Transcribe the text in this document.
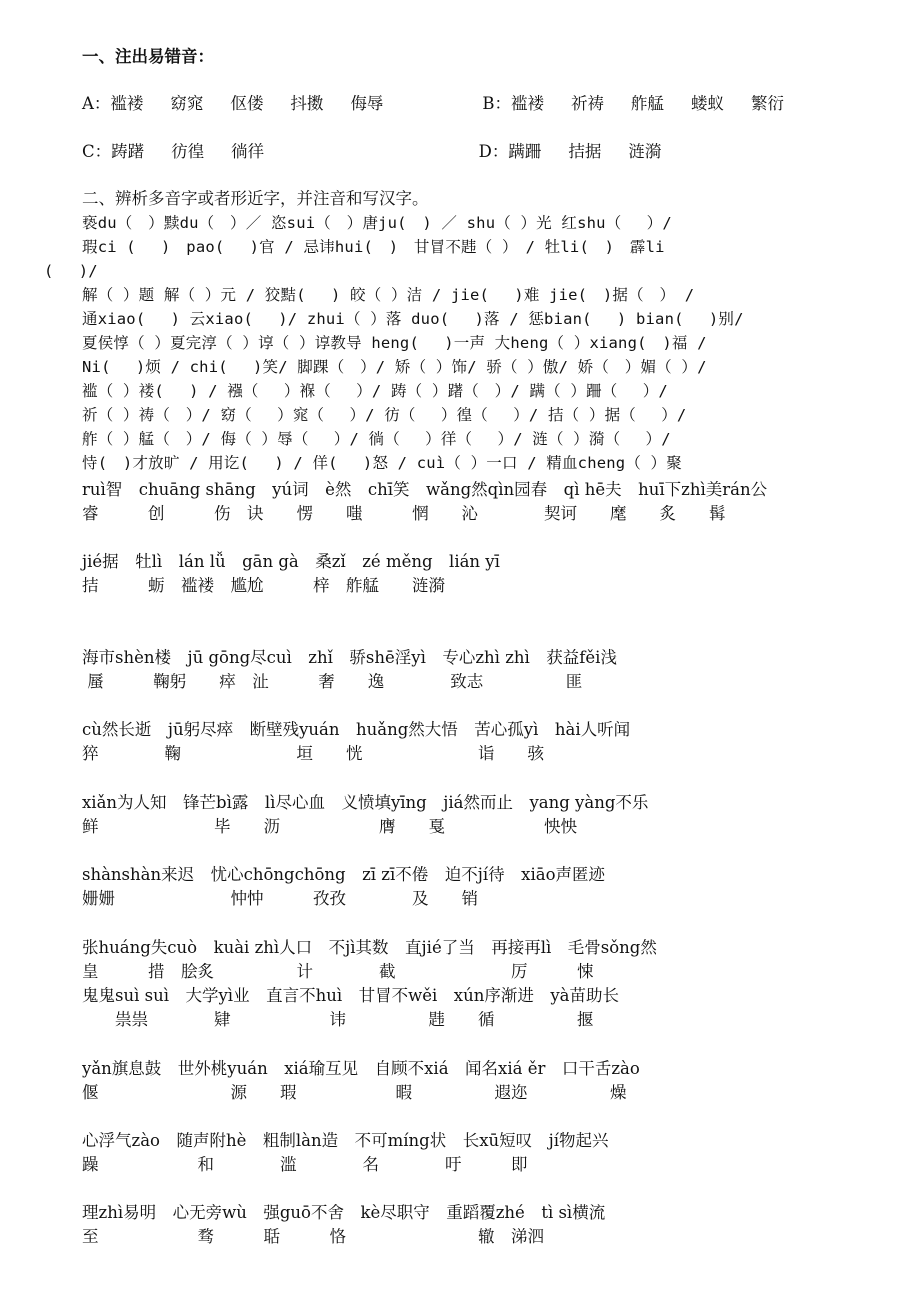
一、注出易错音：
A：褴褛　  窈窕　  伛偻　  抖擞　  侮辱　　　　　　B：褴褛　  祈祷　  舴艋　  蝼蚁　  繁衍
C：踌躇　  彷徨　  徜徉　　　　　　　　　　　　　D：蹒跚　  拮据　  涟漪
二、辨析多音字或者形近字，并注音和写汉字。
亵du（　）黩du（　）／ 恣sui（　）唐ju(　) ／ shu（ ）光 红shu（　 ）/
瑕ci (　 )　pao(　 )官 / 忌讳hui(　)　甘冒不韪（ ）　/ 牡li(　)　霹li
(　 )/
解（ ）题 解（ ）元 / 狡黠(　 ) 皎（ ）洁 / jie(　 )难 jie(　)据（　） /
通xiao(　 ) 云xiao(　 )/ zhui（ ）落 duo(　 )落 / 惩bian(　 ) bian(　 )别/
夏侯惇（ ）夏完淳（ ）谆（ ）谆教导 heng(　 )一声 大heng（ ）xiang(　)福 /
Ni(　 )烦 / chi(　 )笑/ 脚踝（　）/ 矫（ ）饰/ 骄（ ）傲/ 娇（　）媚（ ）/
褴（ ）褛(　 ) / 襁（　 ）褓（　 ）/ 踌（ ）躇（　）/ 蹒（ ）跚（　 ）/
祈（ ）祷（　）/ 窈（　 ）窕（　 ）/ 彷（　 ）徨（　 ）/ 拮（ ）据（　 ）/
舴（ ）艋（　）/ 侮（ ）辱（　 ）/ 徜（　 ）徉（　 ）/ 涟（ ）漪（　 ）/
恃(　)才放旷 / 用讫(　 ) / 佯(　 )怒 / cuì（ ）一口 / 精血cheng（ ）聚
ruì智　chuāng shāng　yú词　è然　chī笑　wǎng然qìn园春　qì hē夫　huī下zhì美rán公
睿　　　创　　　伤　诀　　愣　　嗤　　　惘　　沁　　　　契诃　　麾　　炙　　髯
jié据　牡lì　lán lǚ　gān gà　桑zǐ　zé měng　lián yī
拮　　　蛎　褴褛　尴尬　　　梓　舴艋　　涟漪
海市shèn楼　jū gōng尽cuì　zhǐ　骄shē淫yì　专心zhì zhì　获益fěi浅
蜃　　　鞠躬　　瘁　沚　　　奢　　逸　　　　致志　　　　　匪
cù然长逝　jū躬尽瘁　断壁残yuán　huǎng然大悟　苦心孤yì　hài人听闻
猝　　　　鞠　　　　　　　垣　　恍　　　　　　　诣　　骇
xiǎn为人知　锋芒bì露　lì尽心血　义愤填yīng　jiá然而止　yang yàng不乐
鲜　　　　　　　毕　　沥　　　　　　膺　　戛　　　　　　怏怏
shànshàn来迟　忧心chōngchōng　zī zī不倦　迫不jí待　xiāo声匿迹
姗姗　　　　　　　忡忡　　　孜孜　　　　及　　销
张huáng失cuò　kuài zhì人口　不jì其数　直jié了当　再接再lì　毛骨sǒng然
皇　　　措　脍炙　　　　　计　　　　截　　　　　　　厉　　　悚
鬼鬼suì suì　大学yì业　直言不huì　甘冒不wěi　xún序渐进　yà苗助长
　　祟祟　　　　肄　　　　　　讳　　　　　韪　　循　　　　　揠
yǎn旗息鼓　世外桃yuán　xiá瑜互见　自顾不xiá　闻名xiá ěr　口干舌zào
偃　　　　　　　　源　　瑕　　　　　　暇　　　　　遐迩　　　　　燥
心浮气zào　随声附hè　粗制làn造　不可míng状　长xū短叹　jí物起兴
躁　　　　　　和　　　　滥　　　　名　　　　吁　　　即
理zhì易明　心无旁wù　强guō不舍　kè尽职守　重蹈覆zhé　tì sì横流
至　　　　　　骛　　　聒　　　恪　　　　　　　　辙　涕泗
